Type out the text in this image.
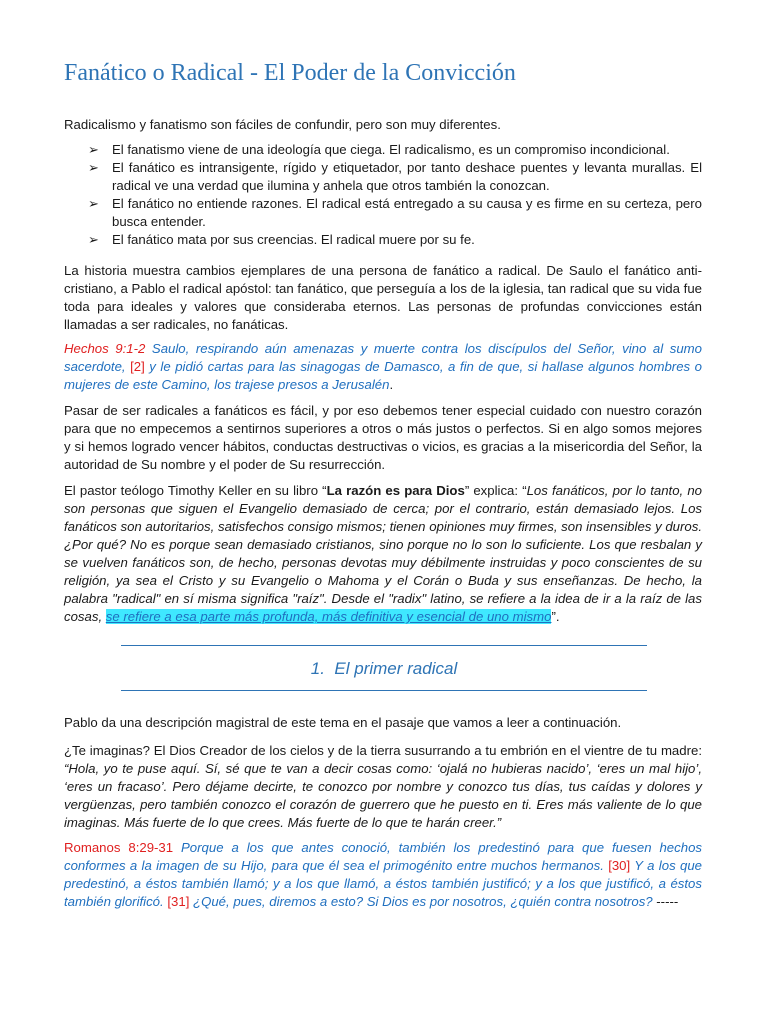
Fanático o Radical - El Poder de la Convicción
Radicalismo y fanatismo son fáciles de confundir, pero son muy diferentes.
➢ El fanatismo viene de una ideología que ciega. El radicalismo, es un compromiso incondicional.
➢ El fanático es intransigente, rígido y etiquetador, por tanto deshace puentes y levanta murallas. El radical ve una verdad que ilumina y anhela que otros también la conozcan.
➢ El fanático no entiende razones. El radical está entregado a su causa y es firme en su certeza, pero busca entender.
➢ El fanático mata por sus creencias. El radical muere por su fe.
La historia muestra cambios ejemplares de una persona de fanático a radical. De Saulo el fanático anti-cristiano, a Pablo el radical apóstol: tan fanático, que perseguía a los de la iglesia, tan radical que su vida fue toda para ideales y valores que consideraba eternos. Las personas de profundas convicciones están llamadas a ser radicales, no fanáticas.
Hechos 9:1-2 Saulo, respirando aún amenazas y muerte contra los discípulos del Señor, vino al sumo sacerdote, [2] y le pidió cartas para las sinagogas de Damasco, a fin de que, si hallase algunos hombres o mujeres de este Camino, los trajese presos a Jerusalén.
Pasar de ser radicales a fanáticos es fácil, y por eso debemos tener especial cuidado con nuestro corazón para que no empecemos a sentirnos superiores a otros o más justos o perfectos. Si en algo somos mejores y si hemos logrado vencer hábitos, conductas destructivas o vicios, es gracias a la misericordia del Señor, la autoridad de Su nombre y el poder de Su resurrección.
El pastor teólogo Timothy Keller en su libro “La razón es para Dios” explica: “Los fanáticos, por lo tanto, no son personas que siguen el Evangelio demasiado de cerca; por el contrario, están demasiado lejos. Los fanáticos son autoritarios, satisfechos consigo mismos; tienen opiniones muy firmes, son insensibles y duros. ¿Por qué? No es porque sean demasiado cristianos, sino porque no lo son lo suficiente. Los que resbalan y se vuelven fanáticos son, de hecho, personas devotas muy débilmente instruidas y poco conscientes de su religión, ya sea el Cristo y su Evangelio o Mahoma y el Corán o Buda y sus enseñanzas. De hecho, la palabra "radical" en sí misma significa "raíz". Desde el "radix" latino, se refiere a la idea de ir a la raíz de las cosas, se refiere a esa parte más profunda, más definitiva y esencial de uno mismo”.
1. El primer radical
Pablo da una descripción magistral de este tema en el pasaje que vamos a leer a continuación.
¿Te imaginas? El Dios Creador de los cielos y de la tierra susurrando a tu embrión en el vientre de tu madre: “Hola, yo te puse aquí. Sí, sé que te van a decir cosas como: ‘ojalá no hubieras nacido’, ‘eres un mal hijo’, ‘eres un fracaso’. Pero déjame decirte, te conozco por nombre y conozco tus días, tus caídas y dolores y vergüenzas, pero también conozco el corazón de guerrero que he puesto en ti. Eres más valiente de lo que imaginas. Más fuerte de lo que crees. Más fuerte de lo que te harán creer.”
Romanos 8:29-31 Porque a los que antes conoció, también los predestinó para que fuesen hechos conformes a la imagen de su Hijo, para que él sea el primogénito entre muchos hermanos. [30] Y a los que predestinó, a éstos también llamó; y a los que llamó, a éstos también justificó; y a los que justificó, a éstos también glorificó. [31] ¿Qué, pues, diremos a esto? Si Dios es por nosotros, ¿quién contra nosotros? -----
